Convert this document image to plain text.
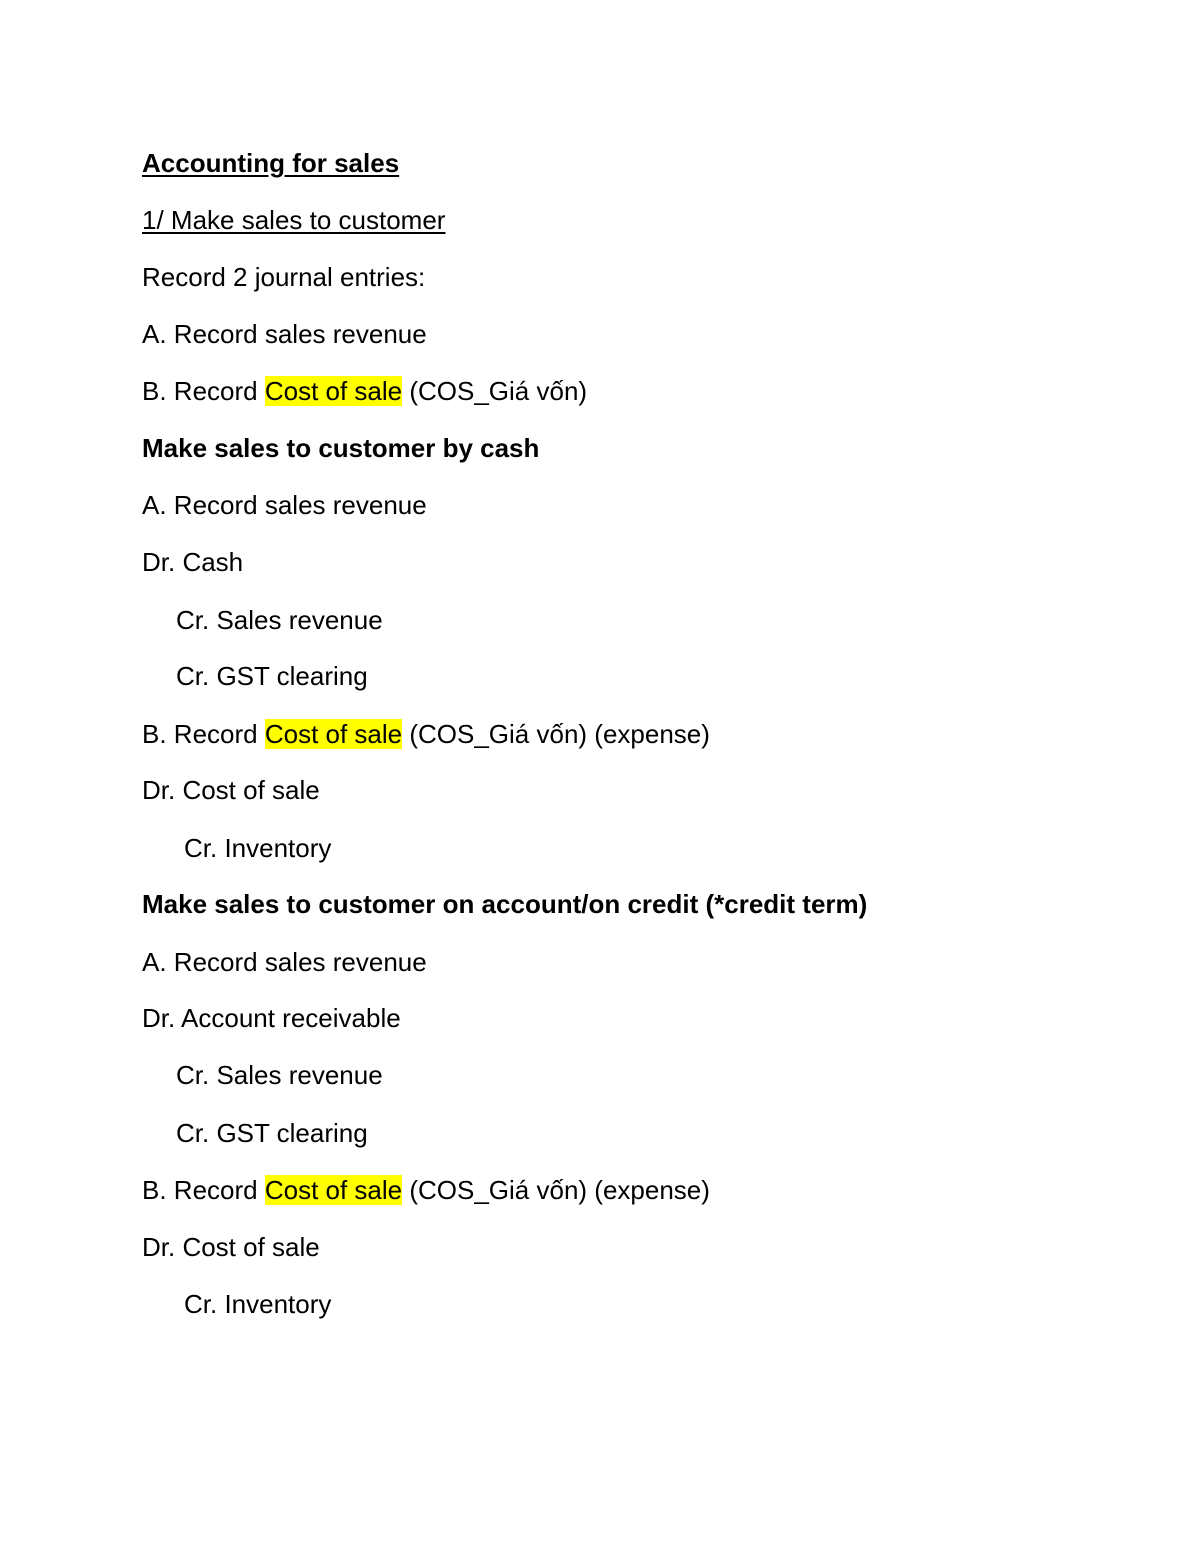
Accounting for sales
1/ Make sales to customer
Record 2 journal entries:
A. Record sales revenue
B. Record Cost of sale (COS_Giá vốn)
Make sales to customer by cash
A. Record sales revenue
Dr. Cash
Cr. Sales revenue
Cr. GST clearing
B. Record Cost of sale (COS_Giá vốn) (expense)
Dr. Cost of sale
Cr. Inventory
Make sales to customer on account/on credit (*credit term)
A. Record sales revenue
Dr. Account receivable
Cr. Sales revenue
Cr. GST clearing
B. Record Cost of sale (COS_Giá vốn) (expense)
Dr. Cost of sale
Cr. Inventory
